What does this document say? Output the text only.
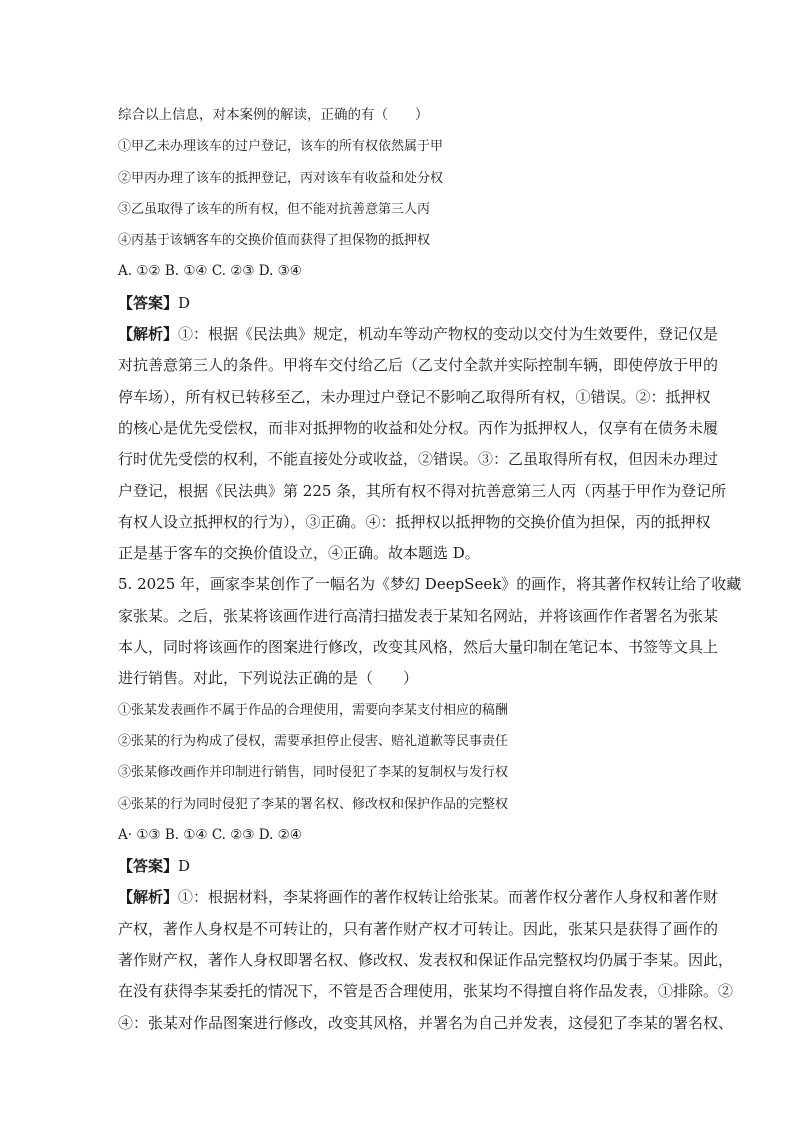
综合以上信息，对本案例的解读，正确的有（　　）
①甲乙未办理该车的过户登记，该车的所有权依然属于甲
②甲丙办理了该车的抵押登记，丙对该车有收益和处分权
③乙虽取得了该车的所有权，但不能对抗善意第三人丙
④丙基于该辆客车的交换价值而获得了担保物的抵押权
A. ①② B. ①④ C. ②③ D. ③④
【答案】D
【解析】①：根据《民法典》规定，机动车等动产物权的变动以交付为生效要件，登记仅是
对抗善意第三人的条件。甲将车交付给乙后（乙支付全款并实际控制车辆，即使停放于甲的
停车场），所有权已转移至乙，未办理过户登记不影响乙取得所有权，①错误。②：抵押权
的核心是优先受偿权，而非对抵押物的收益和处分权。丙作为抵押权人，仅享有在债务未履
行时优先受偿的权利，不能直接处分或收益，②错误。③：乙虽取得所有权，但因未办理过
户登记，根据《民法典》第 225 条，其所有权不得对抗善意第三人丙（丙基于甲作为登记所
有权人设立抵押权的行为），③正确。④：抵押权以抵押物的交换价值为担保，丙的抵押权
正是基于客车的交换价值设立，④正确。故本题选 D。
5. 2025 年，画家李某创作了一幅名为《梦幻 DeepSeek》的画作，将其著作权转让给了收藏
家张某。之后，张某将该画作进行高清扫描发表于某知名网站，并将该画作作者署名为张某
本人，同时将该画作的图案进行修改，改变其风格，然后大量印制在笔记本、书签等文具上
进行销售。对此，下列说法正确的是（　　）
①张某发表画作不属于作品的合理使用，需要向李某支付相应的稿酬
②张某的行为构成了侵权，需要承担停止侵害、赔礼道歉等民事责任
③张某修改画作并印制进行销售，同时侵犯了李某的复制权与发行权
④张某的行为同时侵犯了李某的署名权、修改权和保护作品的完整权
A· ①③ B. ①④ C. ②③ D. ②④
【答案】D
【解析】①：根据材料，李某将画作的著作权转让给张某。而著作权分著作人身权和著作财
产权，著作人身权是不可转让的，只有著作财产权才可转让。因此，张某只是获得了画作的
著作财产权，著作人身权即署名权、修改权、发表权和保证作品完整权均仍属于李某。因此，
在没有获得李某委托的情况下，不管是否合理使用，张某均不得擅自将作品发表，①排除。②
④：张某对作品图案进行修改，改变其风格，并署名为自己并发表，这侵犯了李某的署名权、
